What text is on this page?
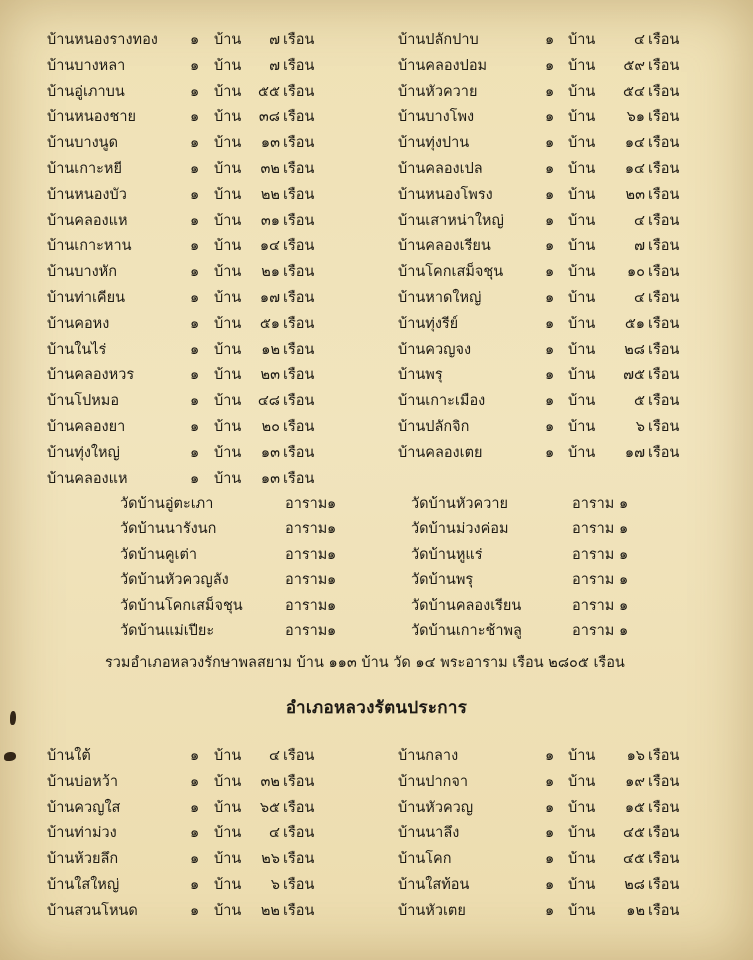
บ้านหนองรางทอง ๑ บ้าน ๗ เรือน	บ้านปลักปาบ	๑ บ้าน	๔ เรือน
บ้านบางหลา	๑ บ้าน ๗ เรือน	บ้านคลองปอม	๑ บ้าน ๕๙ เรือน
บ้านอู่เภาบน	๑ บ้าน ๕๕ เรือน	บ้านหัวควาย	๑ บ้าน ๕๔ เรือน
บ้านหนองชาย	๑ บ้าน ๓๘ เรือน	บ้านบางโพง	๑ บ้าน ๖๑ เรือน
บ้านบางนูด	๑ บ้าน ๑๓ เรือน	บ้านทุ่งปาน	๑ บ้าน ๑๔ เรือน
บ้านเกาะหยี	๑ บ้าน ๓๒ เรือน	บ้านคลองเปล	๑ บ้าน ๑๔ เรือน
บ้านหนองบัว	๑ บ้าน ๒๒ เรือน	บ้านหนองโพรง	๑ บ้าน ๒๓ เรือน
บ้านคลองแห	๑ บ้าน ๓๑ เรือน	บ้านเสาหน่าใหญ่	๑ บ้าน	๔ เรือน
บ้านเกาะหาน	๑ บ้าน ๑๔ เรือน	บ้านคลองเรียน	๑ บ้าน	๗ เรือน
บ้านบางหัก	๑ บ้าน ๒๑ เรือน	บ้านโคกเสม็จชุน	๑ บ้าน ๑๐ เรือน
บ้านท่าเคียน	๑ บ้าน ๑๗ เรือน	บ้านหาดใหญ่	๑ บ้าน	๔ เรือน
บ้านคอหง	๑ บ้าน ๕๑ เรือน	บ้านทุ่งรีย์	๑ บ้าน ๕๑ เรือน
บ้านในไร่	๑ บ้าน ๑๒ เรือน	บ้านควญจง	๑ บ้าน ๒๘ เรือน
บ้านคลองหวร	๑ บ้าน ๒๓ เรือน	บ้านพรุ	๑ บ้าน ๗๕ เรือน
บ้านโปหมอ	๑ บ้าน ๔๘ เรือน	บ้านเกาะเมือง	๑ บ้าน	๕ เรือน
บ้านคลองยา	๑ บ้าน ๒๐ เรือน	บ้านปลักจิก	๑ บ้าน	๖ เรือน
บ้านทุ่งใหญ่	๑ บ้าน ๑๓ เรือน	บ้านคลองเตย	๑ บ้าน ๑๗ เรือน
บ้านคลองแห	๑ บ้าน ๑๓ เรือน
วัดบ้านอู่ตะเภา	อาราม ๑	วัดบ้านหัวควาย	อาราม ๑
วัดบ้านนารังนก	อาราม ๑	วัดบ้านม่วงค่อม	อาราม ๑
วัดบ้านคูเต่า	อาราม ๑	วัดบ้านหูแร่	อาราม ๑
วัดบ้านหัวควญลัง	อาราม ๑	วัดบ้านพรุ	อาราม ๑
วัดบ้านโคกเสม็จชุน	อาราม ๑	วัดบ้านคลองเรียน	อาราม ๑
วัดบ้านแม่เปียะ	อาราม ๑	วัดบ้านเกาะช้าพลู	อาราม ๑
รวมอำเภอหลวงรักษาพลสยาม บ้าน ๑๑๓ บ้าน วัด ๑๔ พระอาราม เรือน ๒๘๐๕ เรือน
อำเภอหลวงรัตนประการ
บ้านใต้	๑ บ้าน ๔ เรือน	บ้านกลาง	๑ บ้าน ๑๖ เรือน
บ้านบ่อหว้า	๑ บ้าน ๓๒ เรือน	บ้านปากจา	๑ บ้าน ๑๙ เรือน
บ้านควญใส	๑ บ้าน ๖๕ เรือน	บ้านหัวควญ	๑ บ้าน ๑๕ เรือน
บ้านท่าม่วง	๑ บ้าน ๔ เรือน	บ้านนาลึง	๑ บ้าน ๔๕ เรือน
บ้านห้วยลึก	๑ บ้าน ๒๖ เรือน	บ้านโคก	๑ บ้าน ๔๕ เรือน
บ้านใสใหญ่	๑ บ้าน ๖ เรือน	บ้านใสท้อน	๑ บ้าน ๒๘ เรือน
บ้านสวนโหนด	๑ บ้าน ๒๒ เรือน	บ้านหัวเตย	๑ บ้าน ๑๒ เรือน
